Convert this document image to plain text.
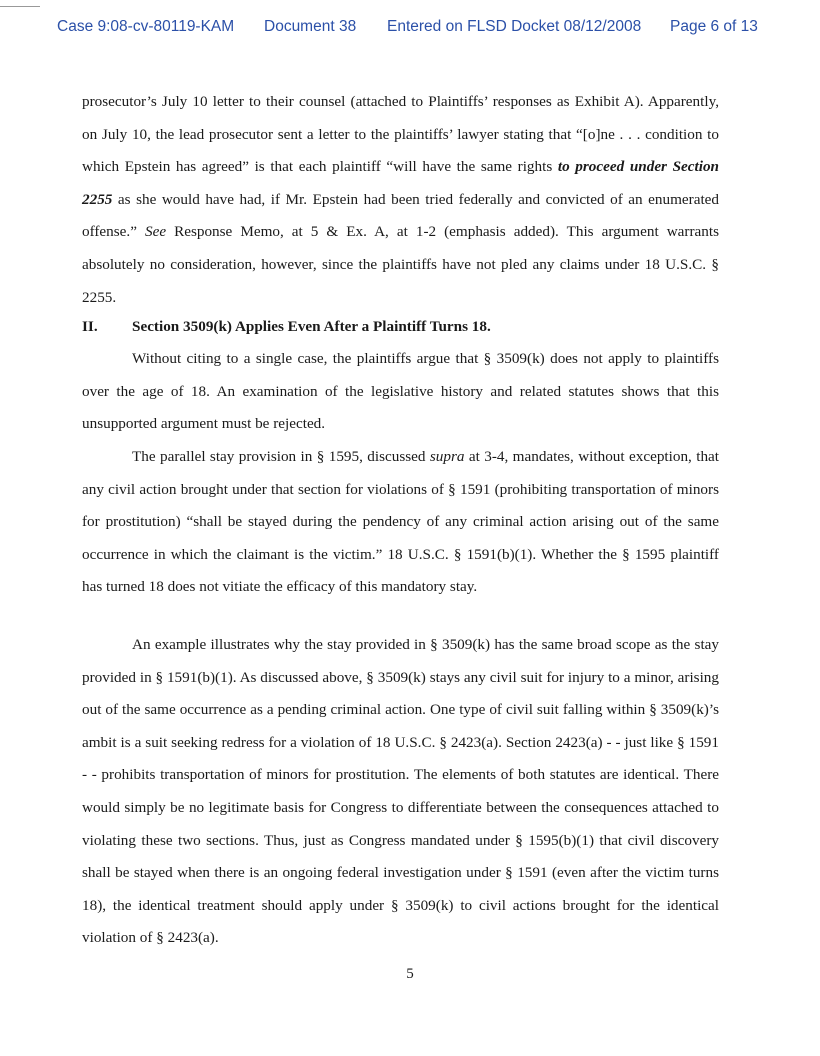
Case 9:08-cv-80119-KAM Document 38 Entered on FLSD Docket 08/12/2008 Page 6 of 13

prosecutor’s July 10 letter to their counsel (attached to Plaintiffs’ responses as Exhibit A). Apparently, on July 10, the lead prosecutor sent a letter to the plaintiffs’ lawyer stating that “[o]ne . . . condition to which Epstein has agreed” is that each plaintiff “will have the same rights to proceed under Section 2255 as she would have had, if Mr. Epstein had been tried federally and convicted of an enumerated offense.” See Response Memo, at 5 & Ex. A, at 1-2 (emphasis added). This argument warrants absolutely no consideration, however, since the plaintiffs have not pled any claims under 18 U.S.C. § 2255.

II. Section 3509(k) Applies Even After a Plaintiff Turns 18.

Without citing to a single case, the plaintiffs argue that § 3509(k) does not apply to plaintiffs over the age of 18. An examination of the legislative history and related statutes shows that this unsupported argument must be rejected.

The parallel stay provision in § 1595, discussed supra at 3-4, mandates, without exception, that any civil action brought under that section for violations of § 1591 (prohibiting transportation of minors for prostitution) “shall be stayed during the pendency of any criminal action arising out of the same occurrence in which the claimant is the victim.” 18 U.S.C. § 1591(b)(1). Whether the § 1595 plaintiff has turned 18 does not vitiate the efficacy of this mandatory stay.

An example illustrates why the stay provided in § 3509(k) has the same broad scope as the stay provided in § 1591(b)(1). As discussed above, § 3509(k) stays any civil suit for injury to a minor, arising out of the same occurrence as a pending criminal action. One type of civil suit falling within § 3509(k)’s ambit is a suit seeking redress for a violation of 18 U.S.C. § 2423(a). Section 2423(a) - - just like § 1591 - - prohibits transportation of minors for prostitution. The elements of both statutes are identical. There would simply be no legitimate basis for Congress to differentiate between the consequences attached to violating these two sections. Thus, just as Congress mandated under § 1595(b)(1) that civil discovery shall be stayed when there is an ongoing federal investigation under § 1591 (even after the victim turns 18), the identical treatment should apply under § 3509(k) to civil actions brought for the identical violation of § 2423(a).

5
